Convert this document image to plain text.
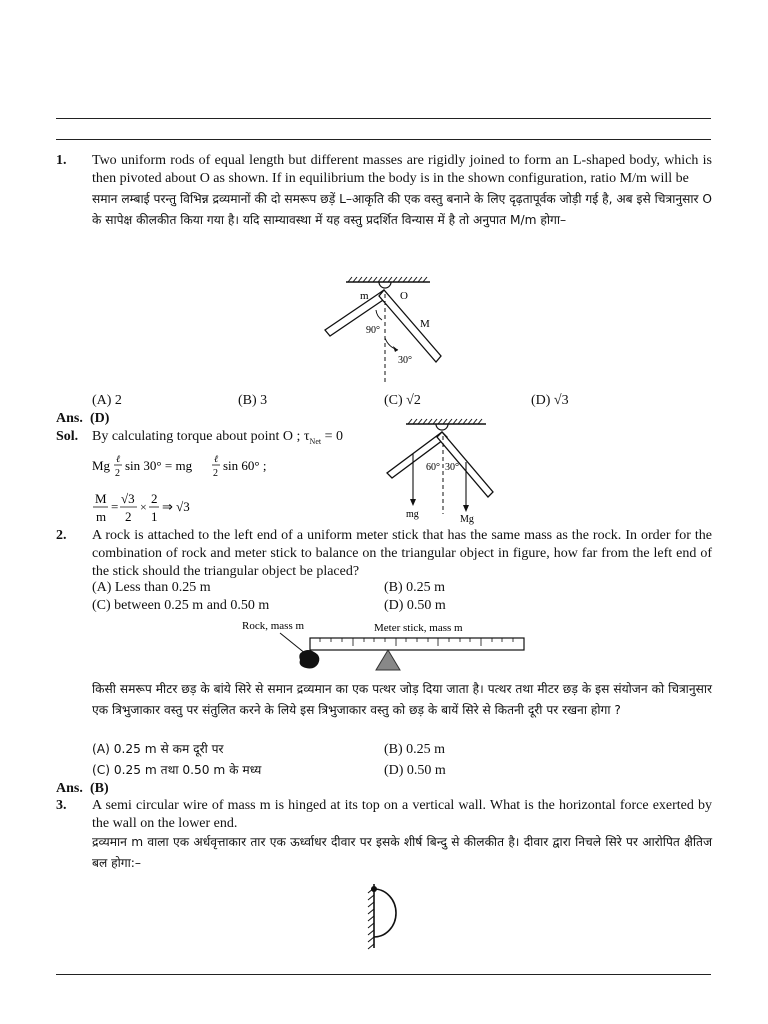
1. Two uniform rods of equal length but different masses are rigidly joined to form an L-shaped body, which is then pivoted about O as shown. If in equilibrium the body is in the shown configuration, ratio M/m will be

समान लम्बाई परन्तु विभिन्न द्रव्यमानों की दो समरूप छड़ें L–आकृति की एक वस्तु बनाने के लिए दृढ़तापूर्वक जोड़ी गई है, अब इसे चित्रानुसार O के सापेक्ष कीलकीत किया गया है। यदि साम्यावस्था में यह वस्तु प्रदर्शित विन्यास में है तो अनुपात M/m होगा–

m	O
M
90°
30°
(A) 2	(B) 3	(C) √2	(D) √3
Ans. (D)
Sol. By calculating torque about point O ; $\tau_{Net} = 0$
Mg ℓ
2
sin 30° = mg ℓ
2
sin 60° ;
M
m
=
√3
2
×
2
1
⇒ √3
60° 30°
mg	Mg
2. A rock is attached to the left end of a uniform meter stick that has the same mass as the rock. In order for the combination of rock and meter stick to balance on the triangular object in figure, how far from the left end of the stick should the triangular object be placed?
(A) Less than 0.25 m	(B) 0.25 m
(C) between 0.25 m and 0.50 m	(D) 0.50 m
Rock, mass m	Meter stick, mass m
किसी समरूप मीटर छड़ के बांये सिरे से समान द्रव्यमान का एक पत्थर जोड़ दिया जाता है। पत्थर तथा मीटर छड़ के इस संयोजन को चित्रानुसार एक त्रिभुजाकार वस्तु पर संतुलित करने के लिये इस त्रिभुजाकार वस्तु को छड़ के बायें सिरे से कितनी दूरी पर रखना होगा ?
(A) 0.25 m से कम दूरी पर	(B) 0.25 m
(C) 0.25 m तथा 0.50 m के मध्य	(D) 0.50 m
Ans. (B)
3. A semi circular wire of mass m is hinged at its top on a vertical wall. What is the horizontal force exerted by the wall on the lower end.
द्रव्यमान m वाला एक अर्धवृत्ताकार तार एक ऊर्ध्वाधर दीवार पर इसके शीर्ष बिन्दु से कीलकीत है। दीवार द्वारा निचले सिरे पर आरोपित क्षैतिज बल होगा:–
